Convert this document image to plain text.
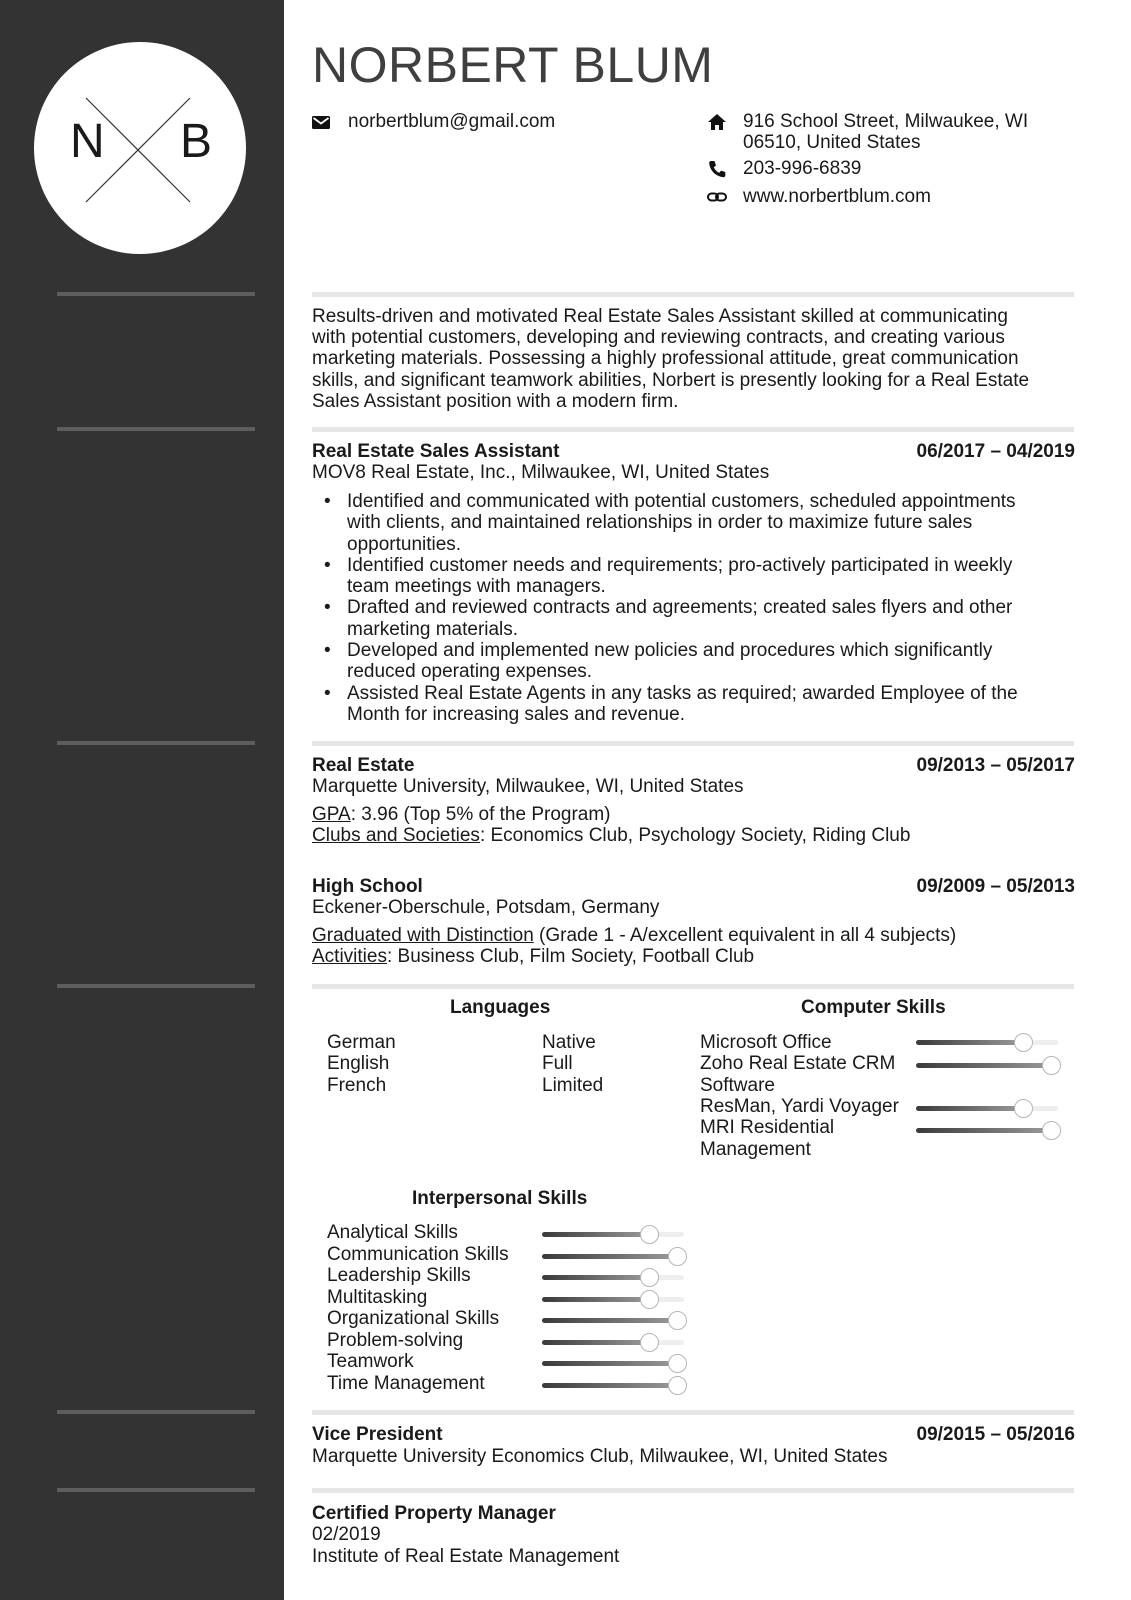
N B
NORBERT BLUM
norbertblum@gmail.com	916 School Street, Milwaukee, WI
06510, United States
203-996-6839
www.norbertblum.com
Results-driven and motivated Real Estate Sales Assistant skilled at communicating
with potential customers, developing and reviewing contracts, and creating various
marketing materials. Possessing a highly professional attitude, great communication
skills, and significant teamwork abilities, Norbert is presently looking for a Real Estate
Sales Assistant position with a modern firm.
Real Estate Sales Assistant	06/2017 – 04/2019
MOV8 Real Estate, Inc., Milwaukee, WI, United States
• Identified and communicated with potential customers, scheduled appointments
with clients, and maintained relationships in order to maximize future sales
opportunities.
• Identified customer needs and requirements; pro-actively participated in weekly
team meetings with managers.
• Drafted and reviewed contracts and agreements; created sales flyers and other
marketing materials.
• Developed and implemented new policies and procedures which significantly
reduced operating expenses.
• Assisted Real Estate Agents in any tasks as required; awarded Employee of the
Month for increasing sales and revenue.
Real Estate	09/2013 – 05/2017
Marquette University, Milwaukee, WI, United States
GPA: 3.96 (Top 5% of the Program)
Clubs and Societies: Economics Club, Psychology Society, Riding Club
High School	09/2009 – 05/2013
Eckener-Oberschule, Potsdam, Germany
Graduated with Distinction (Grade 1 - A/excellent equivalent in all 4 subjects)
Activities: Business Club, Film Society, Football Club
Languages
German	Native
English	Full
French	Limited
Computer Skills
Microsoft Office
Zoho Real Estate CRM
Software
ResMan, Yardi Voyager
MRI Residential
Management
Interpersonal Skills
Analytical Skills
Communication Skills
Leadership Skills
Multitasking
Organizational Skills
Problem-solving
Teamwork
Time Management
Vice President	09/2015 – 05/2016
Marquette University Economics Club, Milwaukee, WI, United States
Certified Property Manager
02/2019
Institute of Real Estate Management
